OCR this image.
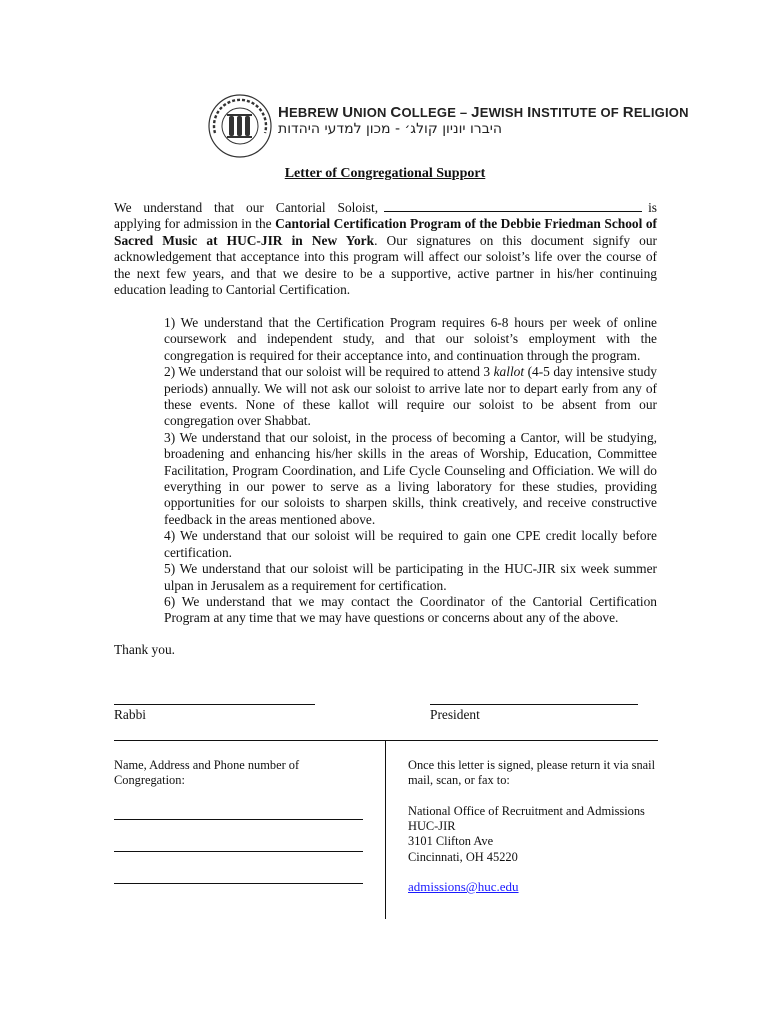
HEBREW UNION COLLEGE – JEWISH INSTITUTE OF RELIGION
היברו יוניון קולג׳ - מכון למדעי היהדות
Letter of Congregational Support
We understand that our Cantorial Soloist,	is applying for admission in the Cantorial Certification Program of the Debbie Friedman School of Sacred Music at HUC-JIR in New York. Our signatures on this document signify our acknowledgement that acceptance into this program will affect our soloist’s life over the course of the next few years, and that we desire to be a supportive, active partner in his/her continuing education leading to Cantorial Certification.

1) We understand that the Certification Program requires 6-8 hours per week of online coursework and independent study, and that our soloist’s employment with the congregation is required for their acceptance into, and continuation through the program.

2) We understand that our soloist will be required to attend 3 kallot (4-5 day intensive study periods) annually. We will not ask our soloist to arrive late nor to depart early from any of these events. None of these kallot will require our soloist to be absent from our congregation over Shabbat.

3) We understand that our soloist, in the process of becoming a Cantor, will be studying, broadening and enhancing his/her skills in the areas of Worship, Education, Committee Facilitation, Program Coordination, and Life Cycle Counseling and Officiation. We will do everything in our power to serve as a living laboratory for these studies, providing opportunities for our soloists to sharpen skills, think creatively, and receive constructive feedback in the areas mentioned above.

4) We understand that our soloist will be required to gain one CPE credit locally before certification.

5) We understand that our soloist will be participating in the HUC-JIR six week summer ulpan in Jerusalem as a requirement for certification.

6) We understand that we may contact the Coordinator of the Cantorial Certification Program at any time that we may have questions or concerns about any of the above.

Thank you.
Rabbi	President
Name, Address and Phone number of Congregation:
Once this letter is signed, please return it via snail mail, scan, or fax to:
National Office of Recruitment and Admissions
HUC-JIR
3101 Clifton Ave
Cincinnati, OH 45220
admissions@huc.edu
